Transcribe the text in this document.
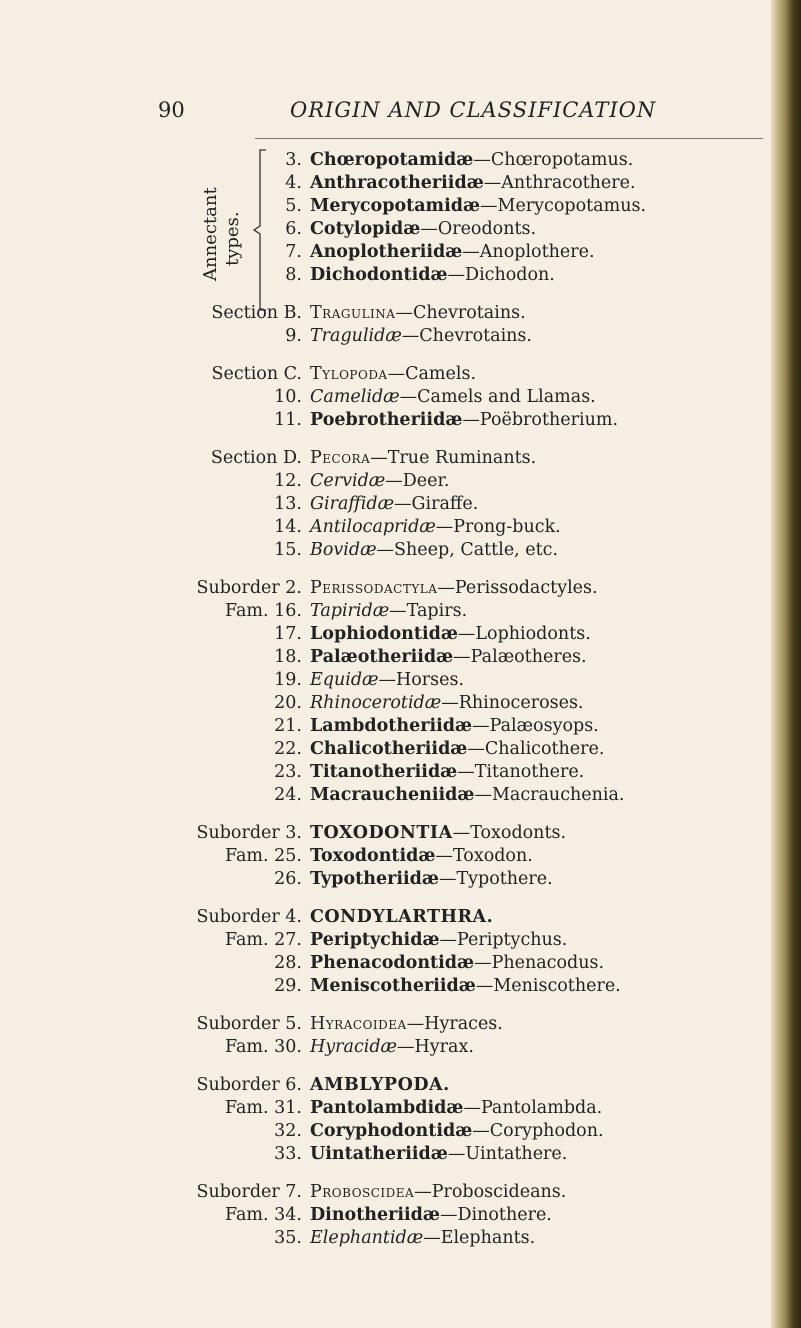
90	ORIGIN AND CLASSIFICATION
Annectant types.
3. Chœropotamidæ—Chœropotamus.
4. Anthracotheriidæ—Anthracothere.
5. Merycopotamidæ—Merycopotamus.
6. Cotylopidæ—Oreodonts.
7. Anoplotheriidæ—Anoplothere.
8. Dichodontidæ—Dichodon.
Section B. Tragulina—Chevrotains.
9. Tragulidæ—Chevrotains.
Section C. Tylopoda—Camels.
10. Camelidæ—Camels and Llamas.
11. Poebrotheriidæ—Poëbrotherium.
Section D. Pecora—True Ruminants.
12. Cervidæ—Deer.
13. Giraffidæ—Giraffe.
14. Antilocapridæ—Prong-buck.
15. Bovidæ—Sheep, Cattle, etc.
Suborder 2. Perissodactyla—Perissodactyles.
Fam. 16. Tapiridæ—Tapirs.
17. Lophiodontidæ—Lophiodonts.
18. Palæotheriidæ—Palæotheres.
19. Equidæ—Horses.
20. Rhinocerotidæ—Rhinoceroses.
21. Lambdotheriidæ—Palæosyops.
22. Chalicotheriidæ—Chalicothere.
23. Titanotheriidæ—Titanothere.
24. Macraucheniidæ—Macrauchenia.
Suborder 3. TOXODONTIA—Toxodonts.
Fam. 25. Toxodontidæ—Toxodon.
26. Typotheriidæ—Typothere.
Suborder 4. CONDYLARTHRA.
Fam. 27. Periptychidæ—Periptychus.
28. Phenacodontidæ—Phenacodus.
29. Meniscotheriidæ—Meniscothere.
Suborder 5. Hyracoidea—Hyraces.
Fam. 30. Hyracidæ—Hyrax.
Suborder 6. AMBLYPODA.
Fam. 31. Pantolambdidæ—Pantolambda.
32. Coryphodontidæ—Coryphodon.
33. Uintatheriidæ—Uintathere.
Suborder 7. Proboscidea—Proboscideans.
Fam. 34. Dinotheriidæ—Dinothere.
35. Elephantidæ—Elephants.
